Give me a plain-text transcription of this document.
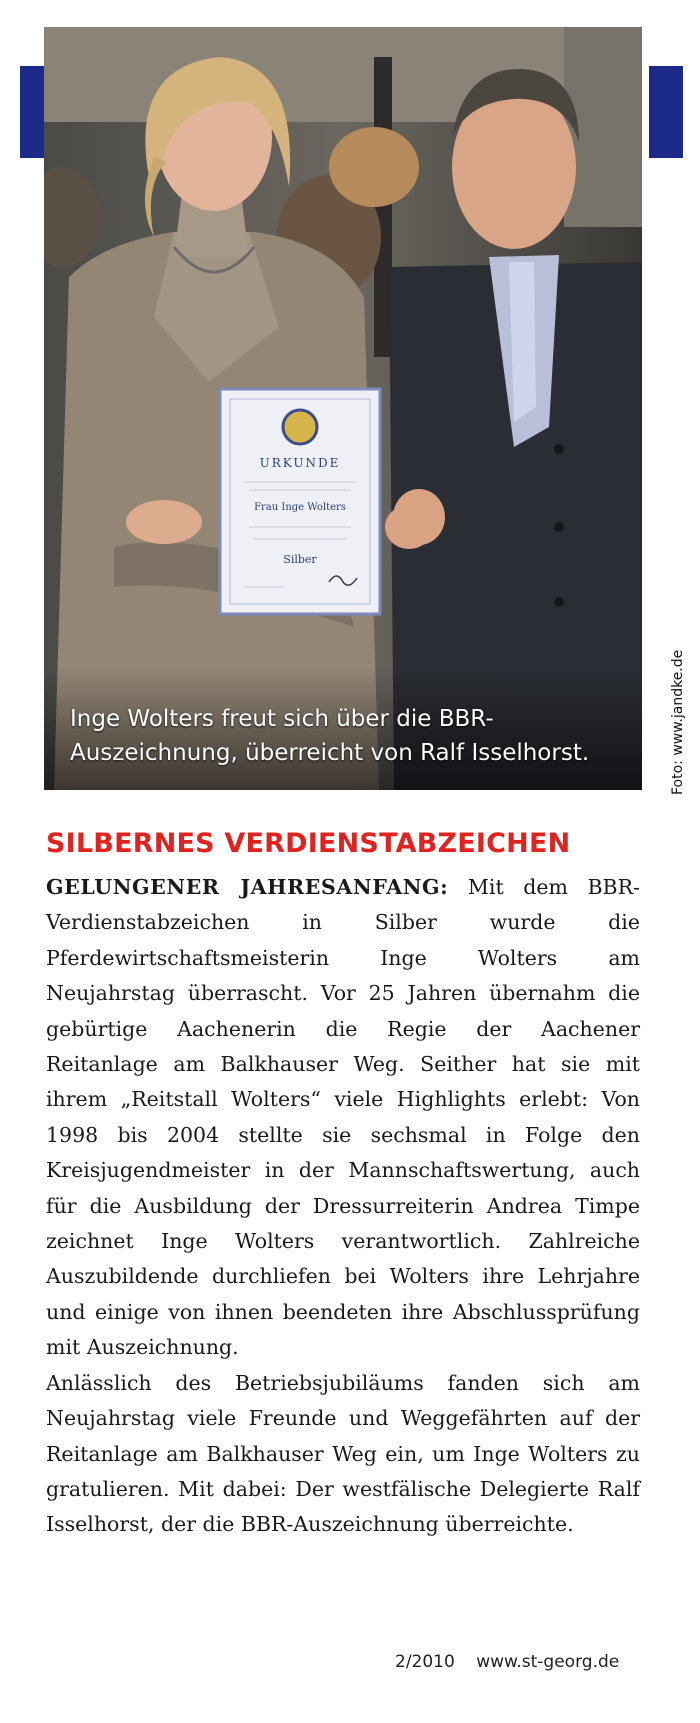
URKUNDE
Frau Inge Wolters
Silber
Inge Wolters freut sich über die BBR-Auszeichnung, überreicht von Ralf Isselhorst.	Foto: www.jandke.de
SILBERNES VERDIENSTABZEICHEN

GELUNGENER JAHRESANFANG: Mit dem BBR-Verdienstabzeichen in Silber wurde die Pferdewirtschaftsmeisterin Inge Wolters am Neujahrstag überrascht. Vor 25 Jahren übernahm die gebürtige Aachenerin die Regie der Aachener Reitanlage am Balkhauser Weg. Seither hat sie mit ihrem „Reitstall Wolters“ viele Highlights erlebt: Von 1998 bis 2004 stellte sie sechsmal in Folge den Kreisjugendmeister in der Mannschaftswertung, auch für die Ausbildung der Dressurreiterin Andrea Timpe zeichnet Inge Wolters verantwortlich. Zahlreiche Auszubildende durchliefen bei Wolters ihre Lehrjahre und einige von ihnen beendeten ihre Abschlussprüfung mit Auszeichnung.

Anlässlich des Betriebsjubiläums fanden sich am Neujahrstag viele Freunde und Weggefährten auf der Reitanlage am Balkhauser Weg ein, um Inge Wolters zu gratulieren. Mit dabei: Der westfälische Delegierte Ralf Isselhorst, der die BBR-Auszeichnung überreichte.

2/2010 www.st-georg.de
